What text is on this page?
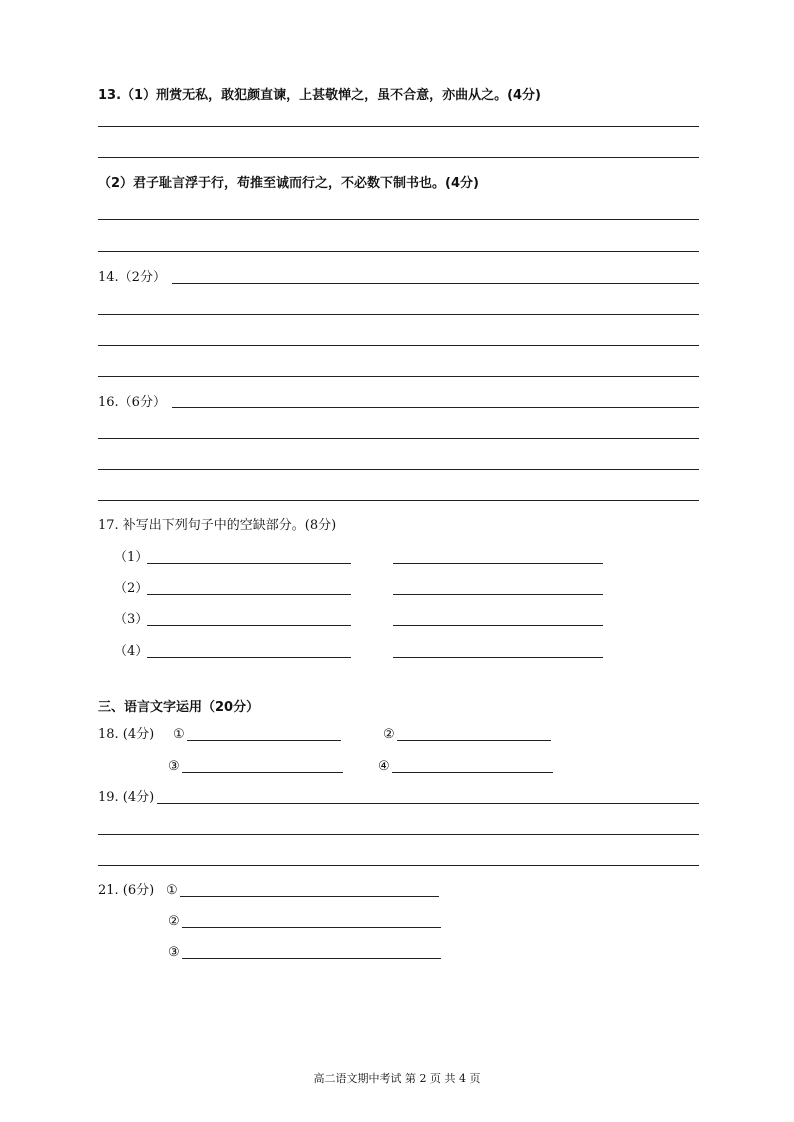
13.（1）刑赏无私，敢犯颜直谏，上甚敬惮之，虽不合意，亦曲从之。(4分)
（2）君子耻言浮于行，苟推至诚而行之，不必数下制书也。(4分)
14.（2分）
16.（6分）
17. 补写出下列句子中的空缺部分。(8分)
（1）
（2）
（3）
（4）
三、语言文字运用（20分）
18. (4分) ①	②
③	④
19. (4分)
21. (6分) ①
②
③
高二语文期中考试 第 2 页 共 4 页
